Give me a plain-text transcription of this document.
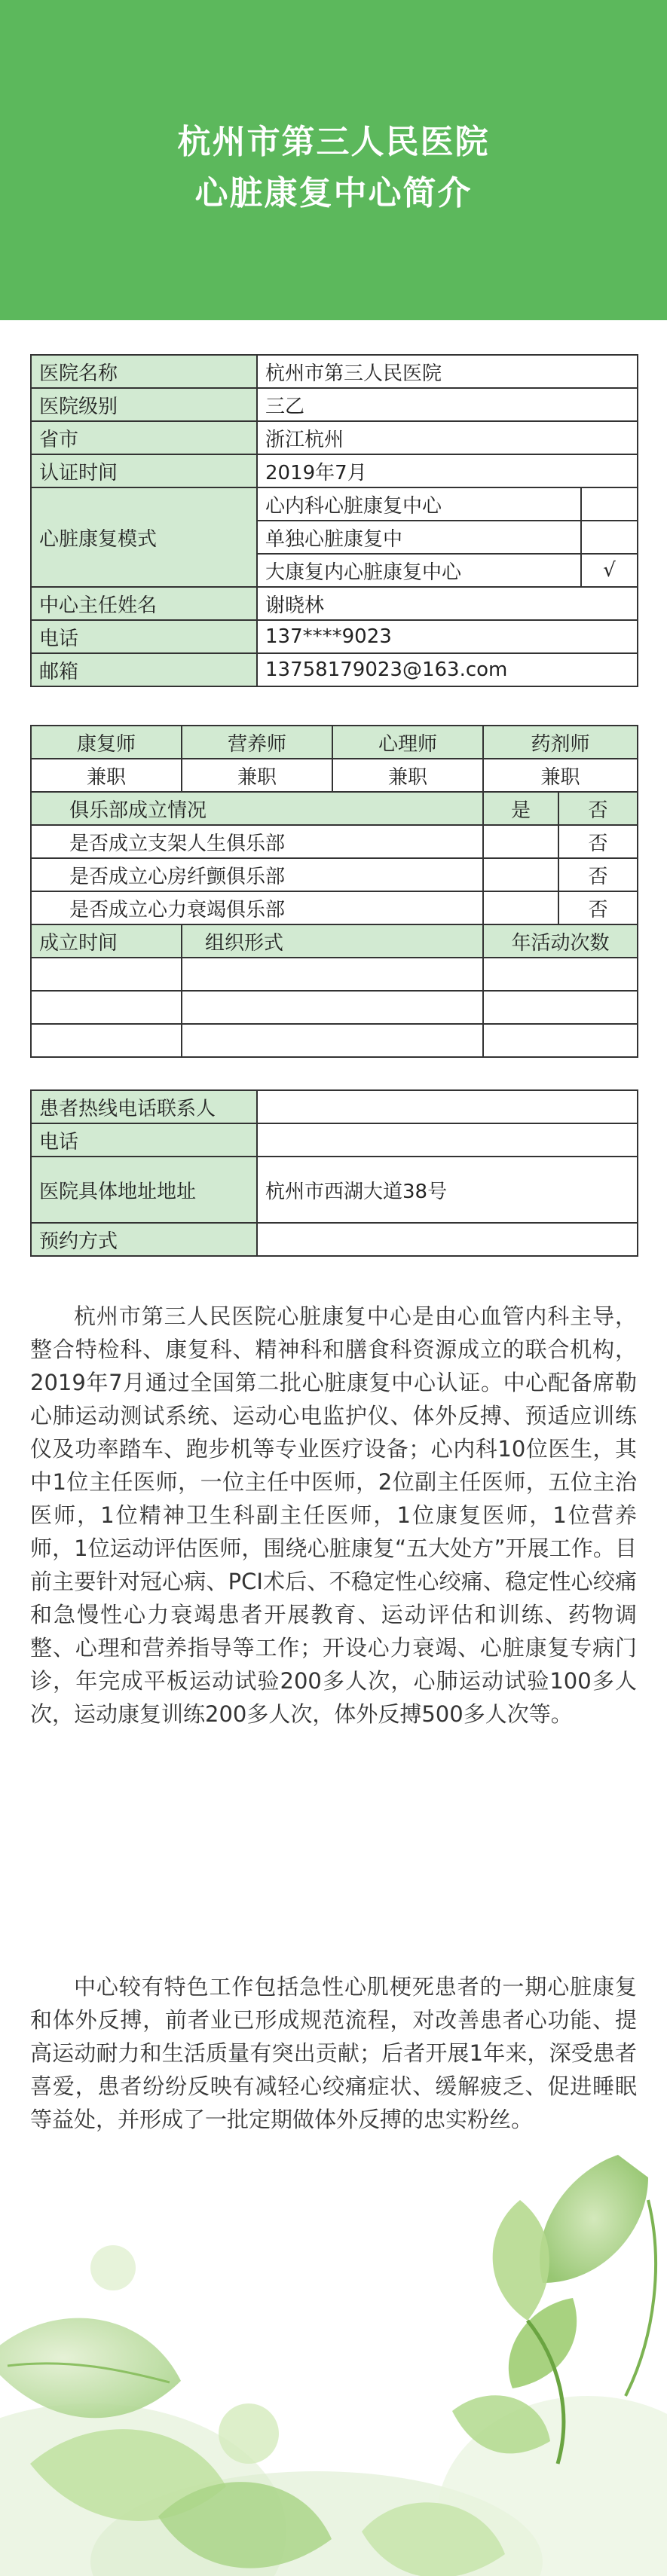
杭州市第三人民医院
心脏康复中心简介
医院名称	杭州市第三人民医院	
医院级别	三乙	
省市	浙江杭州	
认证时间	2019年7月	
心脏康复模式	心内科心脏康复中心	
	单独心脏康复中	
	大康复内心脏康复中心	√
中心主任姓名	谢晓林	
电话	137****9023	
邮箱	13758179023@163.com	
康复师	营养师	心理师	药剂师	
兼职	兼职	兼职	兼职	
俱乐部成立情况			是	否
是否成立支架人生俱乐部				否
是否成立心房纤颤俱乐部				否
是否成立心力衰竭俱乐部				否
成立时间	组织形式		年活动次数	

患者热线电话联系人	
电话	
医院具体地址地址	杭州市西湖大道38号
预约方式	

杭州市第三人民医院心脏康复中心是由心血管内科主导，整合特检科、康复科、精神科和膳食科资源成立的联合机构，2019年7月通过全国第二批心脏康复中心认证。中心配备席勒心肺运动测试系统、运动心电监护仪、体外反搏、预适应训练仪及功率踏车、跑步机等专业医疗设备；心内科10位医生，其中1位主任医师，一位主任中医师，2位副主任医师，五位主治医师，1位精神卫生科副主任医师，1位康复医师，1位营养师，1位运动评估医师，围绕心脏康复“五大处方”开展工作。目前主要针对冠心病、PCI术后、不稳定性心绞痛、稳定性心绞痛和急慢性心力衰竭患者开展教育、运动评估和训练、药物调整、心理和营养指导等工作；开设心力衰竭、心脏康复专病门诊，年完成平板运动试验200多人次，心肺运动试验100多人次，运动康复训练200多人次，体外反搏500多人次等。

中心较有特色工作包括急性心肌梗死患者的一期心脏康复和体外反搏，前者业已形成规范流程，对改善患者心功能、提高运动耐力和生活质量有突出贡献；后者开展1年来，深受患者喜爱，患者纷纷反映有减轻心绞痛症状、缓解疲乏、促进睡眠等益处，并形成了一批定期做体外反搏的忠实粉丝。
